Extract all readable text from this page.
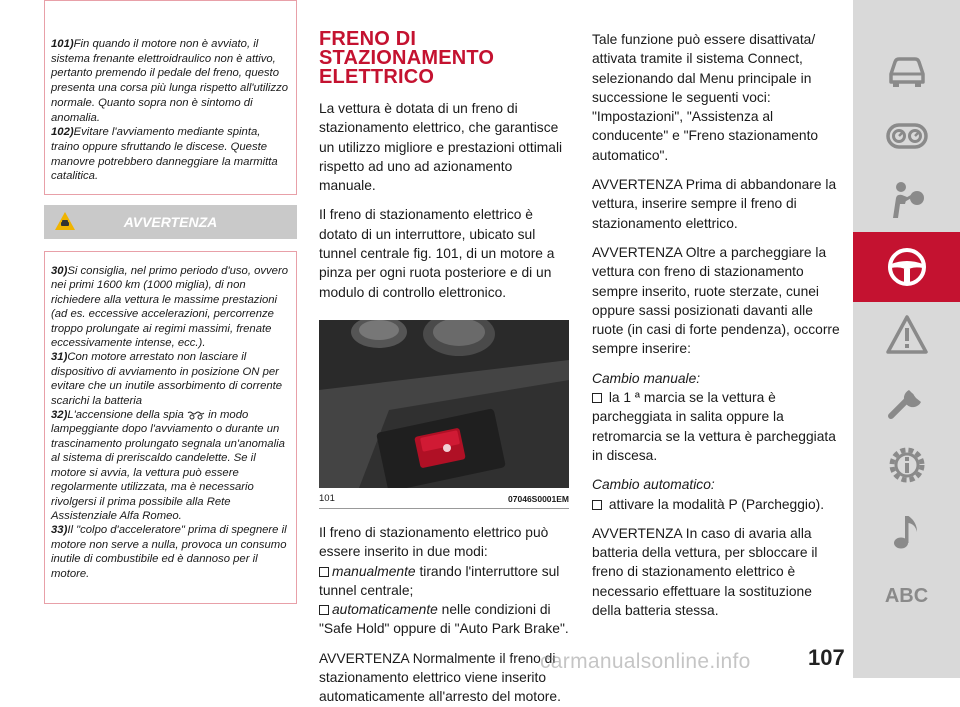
101)Fin quando il motore non è avviato, il sistema frenante elettroidraulico non è attivo, pertanto premendo il pedale del freno, questo presenta una corsa più lunga rispetto all'utilizzo normale. Quanto sopra non è sintomo di anomalia.

102)Evitare l'avviamento mediante spinta, traino oppure sfruttando le discese. Queste manovre potrebbero danneggiare la marmitta catalitica.

AVVERTENZA

30)Si consiglia, nel primo periodo d'uso, ovvero nei primi 1600 km (1000 miglia), di non richiedere alla vettura le massime prestazioni (ad es. eccessive accelerazioni, percorrenze troppo prolungate ai regimi massimi, frenate eccessivamente intense, ecc.).

31)Con motore arrestato non lasciare il dispositivo di avviamento in posizione ON per evitare che un inutile assorbimento di corrente scarichi la batteria

32)L'accensione della spia in modo lampeggiante dopo l'avviamento o durante un trascinamento prolungato segnala un'anomalia al sistema di preriscaldo candelette. Se il motore si avvia, la vettura può essere regolarmente utilizzata, ma è necessario rivolgersi il prima possibile alla Rete Assistenziale Alfa Romeo.

33)Il "colpo d'acceleratore" prima di spegnere il motore non serve a nulla, provoca un consumo inutile di combustibile ed è dannoso per il motore.

FRENO DI STAZIONAMENTO
ELETTRICO

La vettura è dotata di un freno di stazionamento elettrico, che garantisce un utilizzo migliore e prestazioni ottimali rispetto ad uno ad azionamento manuale.

Il freno di stazionamento elettrico è dotato di un interruttore, ubicato sul tunnel centrale fig. 101, di un motore a pinza per ogni ruota posteriore e di un modulo di controllo elettronico.

101	07046S0001EM

Il freno di stazionamento elettrico può essere inserito in due modi:

manualmente tirando l'interruttore sul tunnel centrale;
automaticamente nelle condizioni di "Safe Hold" oppure di "Auto Park Brake".

AVVERTENZA Normalmente il freno di stazionamento elettrico viene inserito automaticamente all'arresto del motore.

Tale funzione può essere disattivata/ attivata tramite il sistema Connect, selezionando dal Menu principale in successione le seguenti voci: "Impostazioni", "Assistenza al conducente" e "Freno stazionamento automatico".

AVVERTENZA Prima di abbandonare la vettura, inserire sempre il freno di stazionamento elettrico.

AVVERTENZA Oltre a parcheggiare la vettura con freno di stazionamento sempre inserito, ruote sterzate, cunei oppure sassi posizionati davanti alle ruote (in casi di forte pendenza), occorre sempre inserire:

Cambio manuale:
la 1 ª marcia se la vettura è parcheggiata in salita oppure la retromarcia se la vettura è parcheggiata in discesa.

Cambio automatico:
attivare la modalità P (Parcheggio).

AVVERTENZA In caso di avaria alla batteria della vettura, per sbloccare il freno di stazionamento elettrico è necessario effettuare la sostituzione della batteria stessa.

ABC
carmanualsonline.info	107
